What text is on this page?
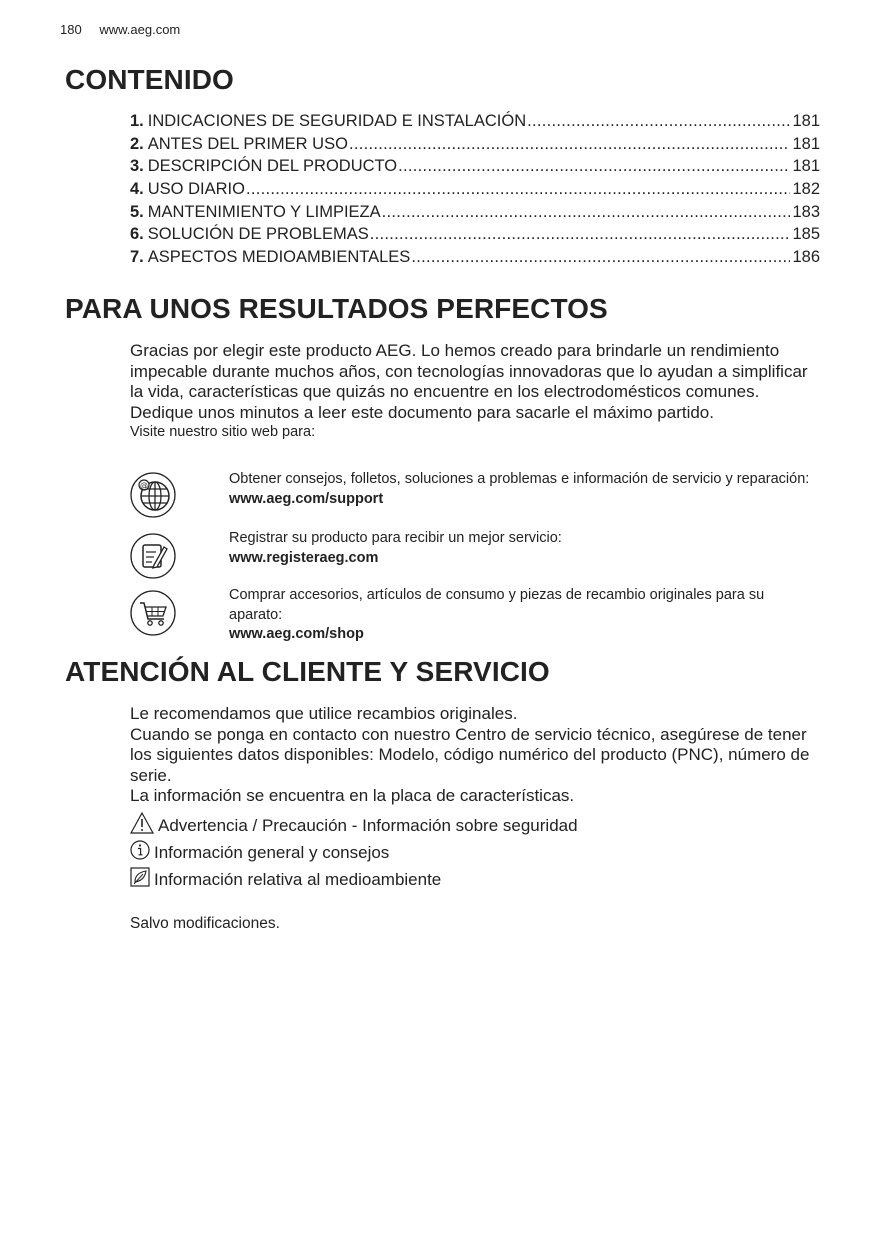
180 www.aeg.com
CONTENIDO
1. INDICACIONES DE SEGURIDAD E INSTALACIÓN .....	181
2. ANTES DEL PRIMER USO .....	181
3. DESCRIPCIÓN DEL PRODUCTO .....	181
4. USO DIARIO .....	182
5. MANTENIMIENTO Y LIMPIEZA .....	183
6. SOLUCIÓN DE PROBLEMAS .....	185
7. ASPECTOS MEDIOAMBIENTALES .....	186
PARA UNOS RESULTADOS PERFECTOS

Gracias por elegir este producto AEG. Lo hemos creado para brindarle un rendimiento impecable durante muchos años, con tecnologías innovadoras que lo ayudan a simplificar la vida, características que quizás no encuentre en los electrodomésticos comunes. Dedique unos minutos a leer este documento para sacarle el máximo partido.

Visite nuestro sitio web para:

@	Obtener consejos, folletos, soluciones a problemas e información de servicio y reparación:
www.aeg.com/support
Registrar su producto para recibir un mejor servicio:
www.registeraeg.com
Comprar accesorios, artículos de consumo y piezas de recambio originales para su aparato:
www.aeg.com/shop
ATENCIÓN AL CLIENTE Y SERVICIO

Le recomendamos que utilice recambios originales.

Cuando se ponga en contacto con nuestro Centro de servicio técnico, asegúrese de tener los siguientes datos disponibles: Modelo, código numérico del producto (PNC), número de serie.

La información se encuentra en la placa de características.

Advertencia / Precaución - Información sobre seguridad
Información general y consejos
Información relativa al medioambiente
Salvo modificaciones.
